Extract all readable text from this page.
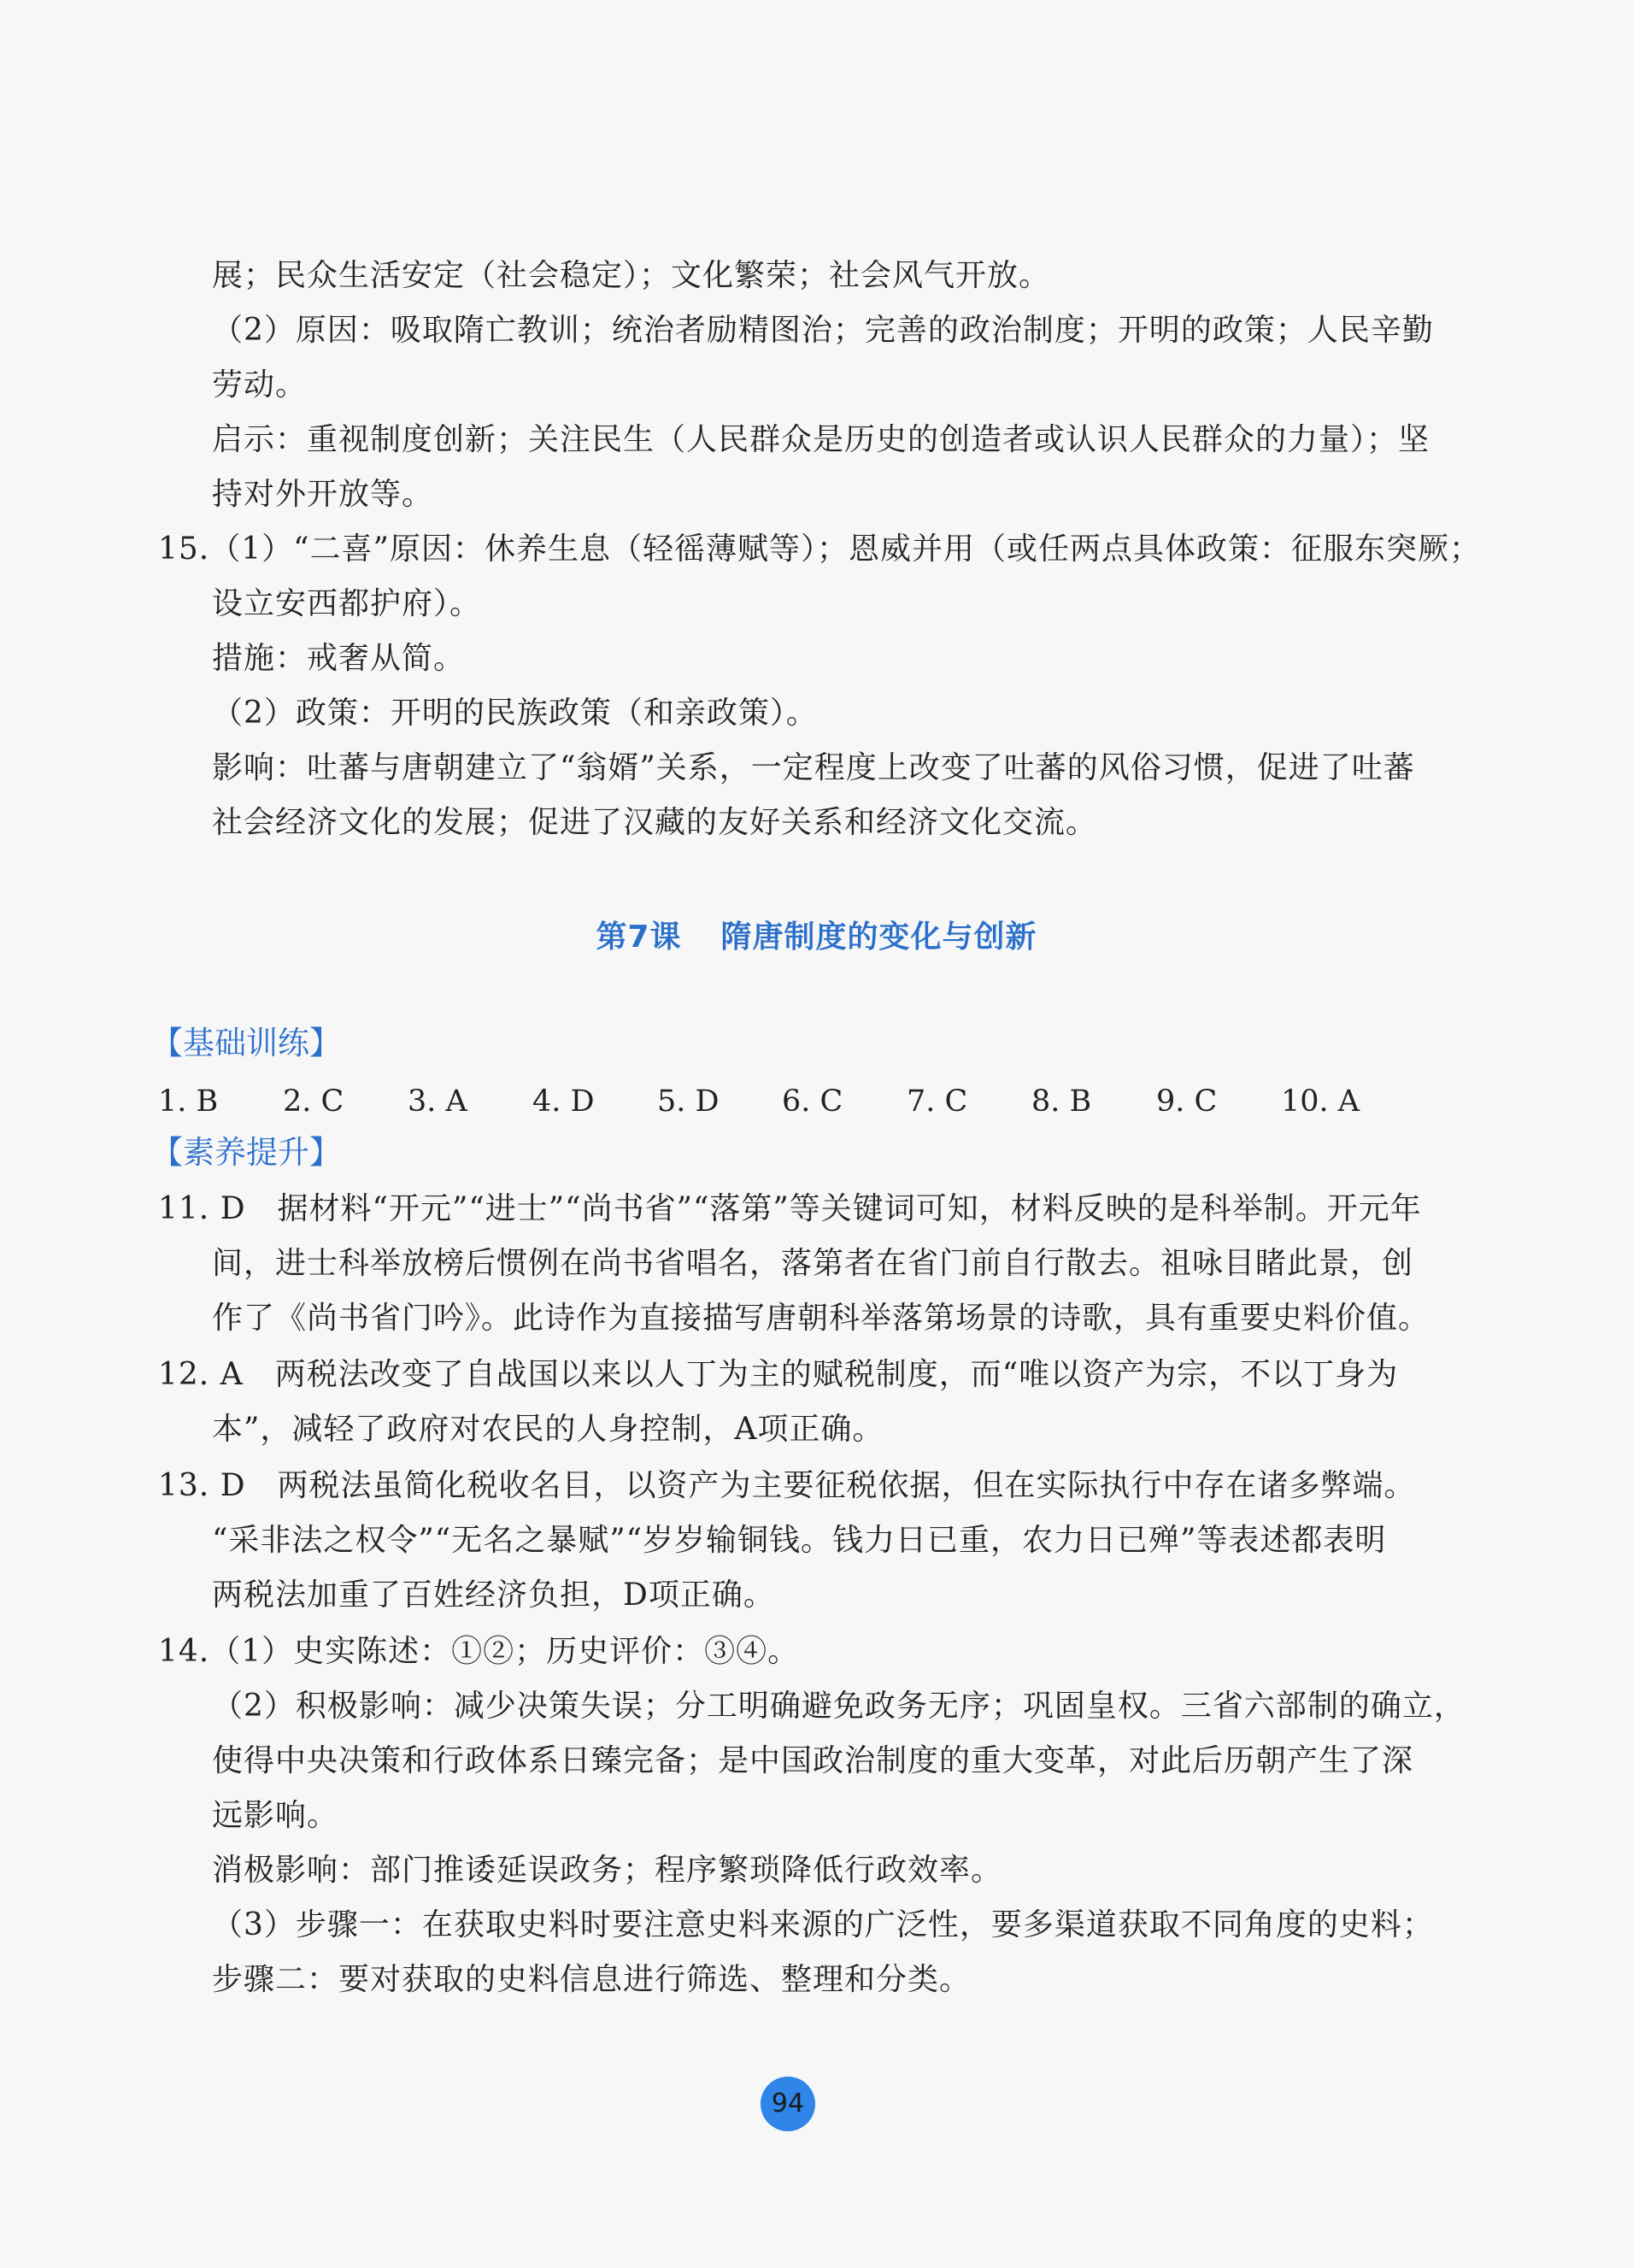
展；民众生活安定（社会稳定）；文化繁荣；社会风气开放。
（2）原因：吸取隋亡教训；统治者励精图治；完善的政治制度；开明的政策；人民辛勤
劳动。
启示：重视制度创新；关注民生（人民群众是历史的创造者或认识人民群众的力量）；坚
持对外开放等。
15.（1）“二喜”原因：休养生息（轻徭薄赋等）；恩威并用（或任两点具体政策：征服东突厥；
设立安西都护府）。
措施：戒奢从简。
（2）政策：开明的民族政策（和亲政策）。
影响：吐蕃与唐朝建立了“翁婿”关系，一定程度上改变了吐蕃的风俗习惯，促进了吐蕃
社会经济文化的发展；促进了汉藏的友好关系和经济文化交流。
第7课 隋唐制度的变化与创新
【基础训练】
1. B 2. C 3. A 4. D 5. D 6. C 7. C 8. B 9. C 10. A
【素养提升】
11. D　据材料“开元”“进士”“尚书省”“落第”等关键词可知，材料反映的是科举制。开元年
间，进士科举放榜后惯例在尚书省唱名，落第者在省门前自行散去。祖咏目睹此景，创
作了《尚书省门吟》。此诗作为直接描写唐朝科举落第场景的诗歌，具有重要史料价值。
12. A　两税法改变了自战国以来以人丁为主的赋税制度，而“唯以资产为宗，不以丁身为
本”，减轻了政府对农民的人身控制，A项正确。
13. D　两税法虽简化税收名目，以资产为主要征税依据，但在实际执行中存在诸多弊端。
“采非法之权令”“无名之暴赋”“岁岁输铜钱。钱力日已重，农力日已殚”等表述都表明
两税法加重了百姓经济负担，D项正确。
14.（1）史实陈述：①②；历史评价：③④。
（2）积极影响：减少决策失误；分工明确避免政务无序；巩固皇权。三省六部制的确立，
使得中央决策和行政体系日臻完备；是中国政治制度的重大变革，对此后历朝产生了深
远影响。
消极影响：部门推诿延误政务；程序繁琐降低行政效率。
（3）步骤一：在获取史料时要注意史料来源的广泛性，要多渠道获取不同角度的史料；
步骤二：要对获取的史料信息进行筛选、整理和分类。
94
